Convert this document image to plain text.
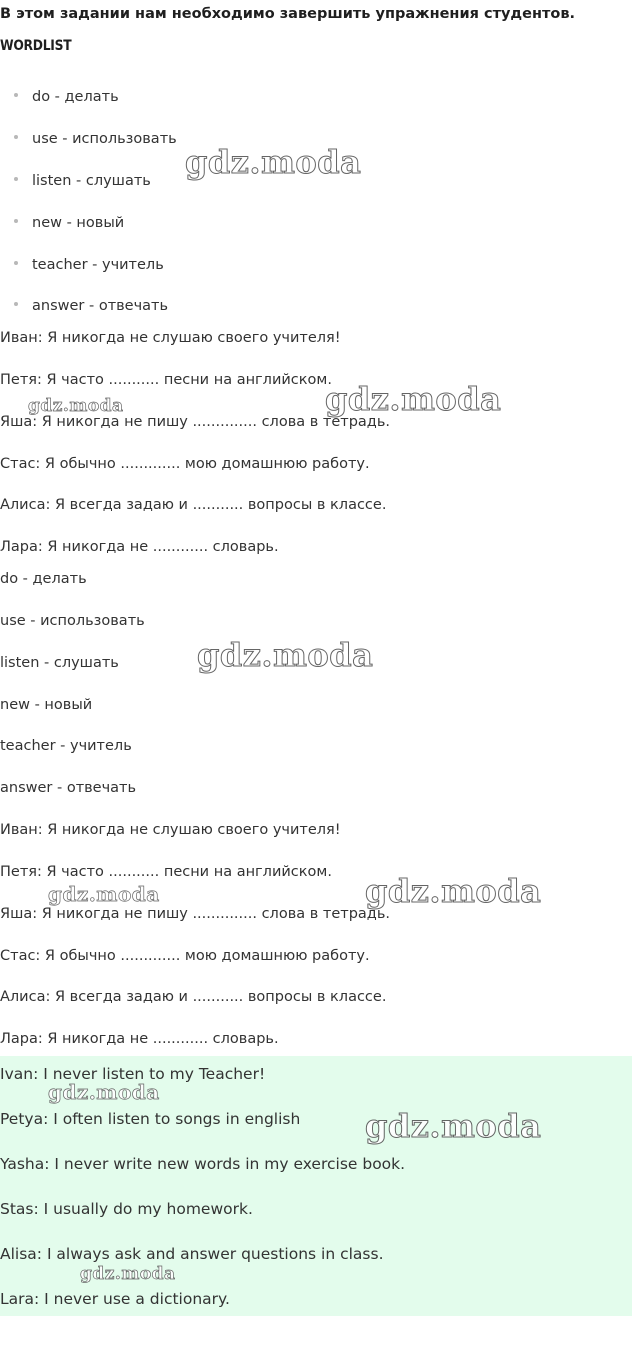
В этом задании нам необходимо завершить упражнения студентов.
WORDLIST
do - делать
use - использовать
listen - слушать
new - новый
teacher - учитель
answer - отвечать
Иван: Я никогда не слушаю своего учителя!
Петя: Я часто ........... песни на английском.
Яша: Я никогда не пишу .............. слова в тетрадь.
Стас: Я обычно ............. мою домашнюю работу.
Алиса: Я всегда задаю и ........... вопросы в классе.
Лара: Я никогда не ............ словарь.
do - делать
use - использовать
listen - слушать
new - новый
teacher - учитель
answer - отвечать
Иван: Я никогда не слушаю своего учителя!
Петя: Я часто ........... песни на английском.
Яша: Я никогда не пишу .............. слова в тетрадь.
Стас: Я обычно ............. мою домашнюю работу.
Алиса: Я всегда задаю и ........... вопросы в классе.
Лара: Я никогда не ............ словарь.
Ivan: I never listen to my Teacher!
Petya: I often listen to songs in english
Yasha: I never write new words in my exercise book.
Stas: I usually do my homework.
Alisa: I always ask and answer questions in class.
Lara: I never use a dictionary.
gdz.moda
gdz.moda	gdz.moda
gdz.moda
gdz.moda	gdz.moda
gdz.moda
gdz.moda
gdz.moda
